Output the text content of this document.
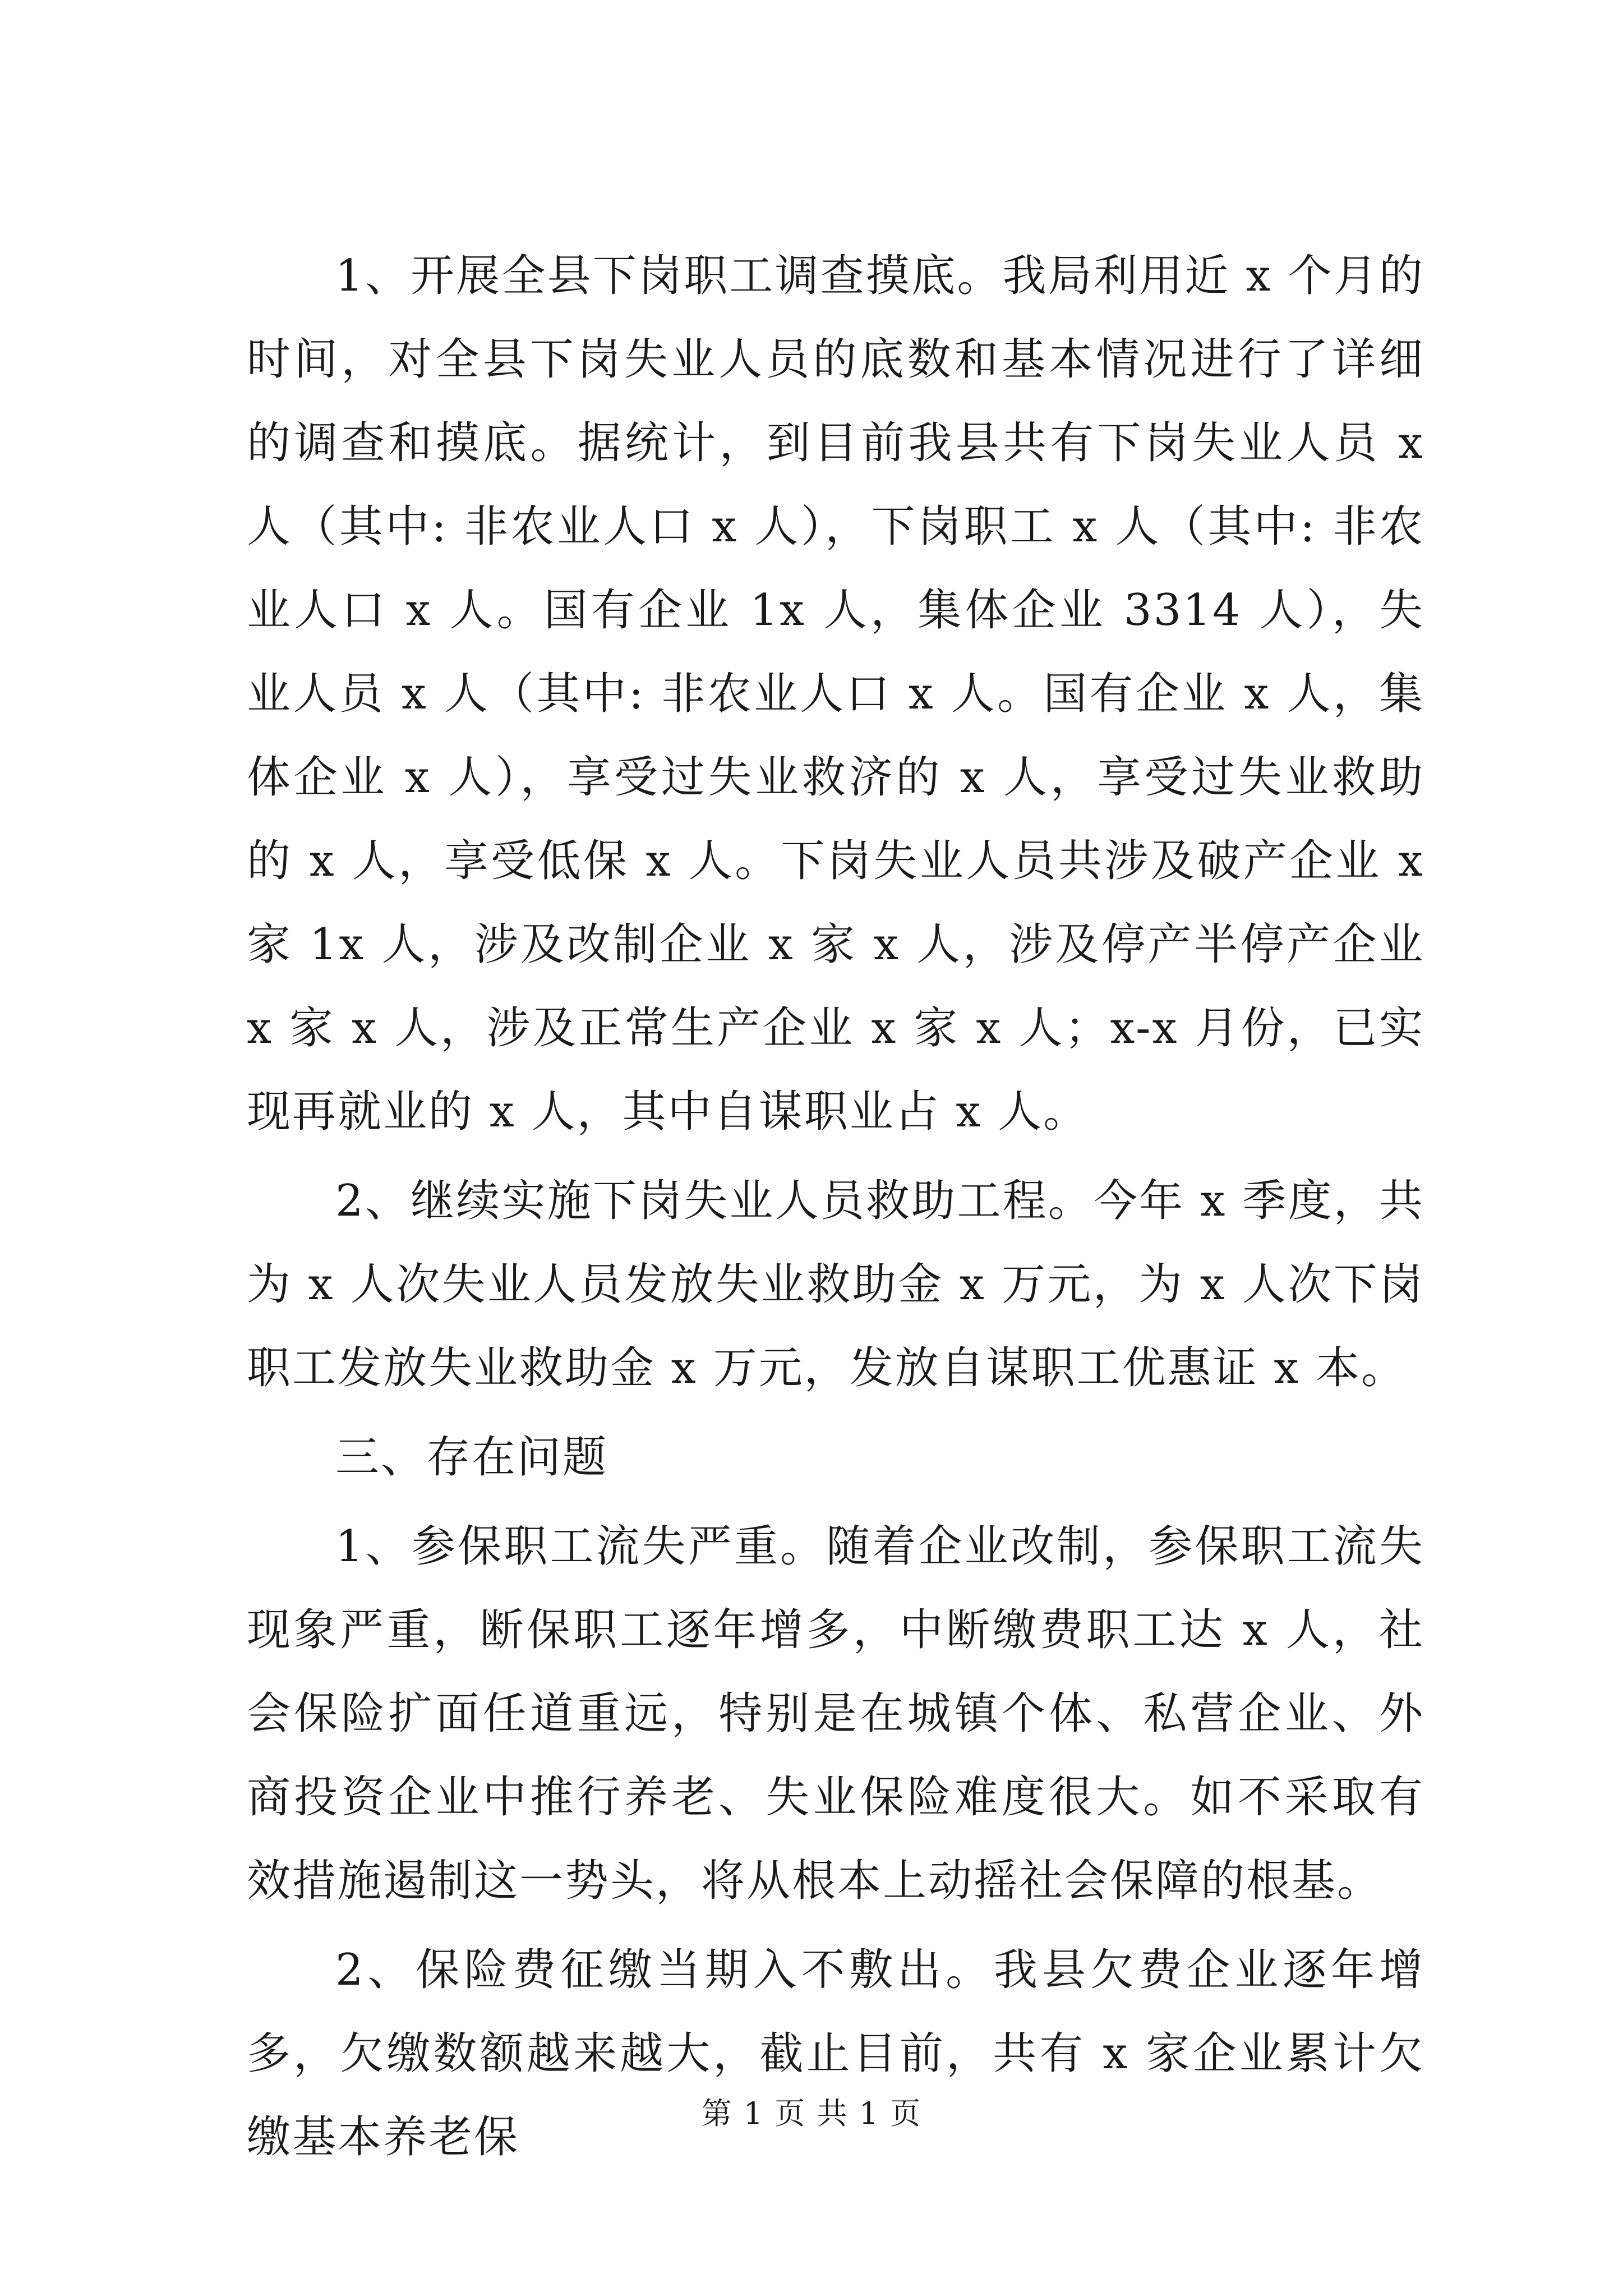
1、开展全县下岗职工调查摸底。我局利用近 x 个月的时间，对全县下岗失业人员的底数和基本情况进行了详细的调查和摸底。据统计，到目前我县共有下岗失业人员 x 人（其中: 非农业人口 x 人），下岗职工 x 人（其中: 非农业人口 x 人。国有企业 1x 人，集体企业 3314 人），失业人员 x 人（其中: 非农业人口 x 人。国有企业 x 人，集体企业 x 人），享受过失业救济的 x 人，享受过失业救助的 x 人，享受低保 x 人。下岗失业人员共涉及破产企业 x 家 1x 人，涉及改制企业 x 家 x 人，涉及停产半停产企业 x 家 x 人，涉及正常生产企业 x 家 x 人；x-x 月份，已实现再就业的 x 人，其中自谋职业占 x 人。

2、继续实施下岗失业人员救助工程。今年 x 季度，共为 x 人次失业人员发放失业救助金 x 万元，为 x 人次下岗职工发放失业救助金 x 万元，发放自谋职工优惠证 x 本。

三、存在问题

1、参保职工流失严重。随着企业改制，参保职工流失现象严重，断保职工逐年增多，中断缴费职工达 x 人，社会保险扩面任道重远，特别是在城镇个体、私营企业、外商投资企业中推行养老、失业保险难度很大。如不采取有效措施遏制这一势头，将从根本上动摇社会保障的根基。

2、保险费征缴当期入不敷出。我县欠费企业逐年增多，欠缴数额越来越大，截止目前，共有 x 家企业累计欠缴基本养老保	第 1 页 共 1 页
